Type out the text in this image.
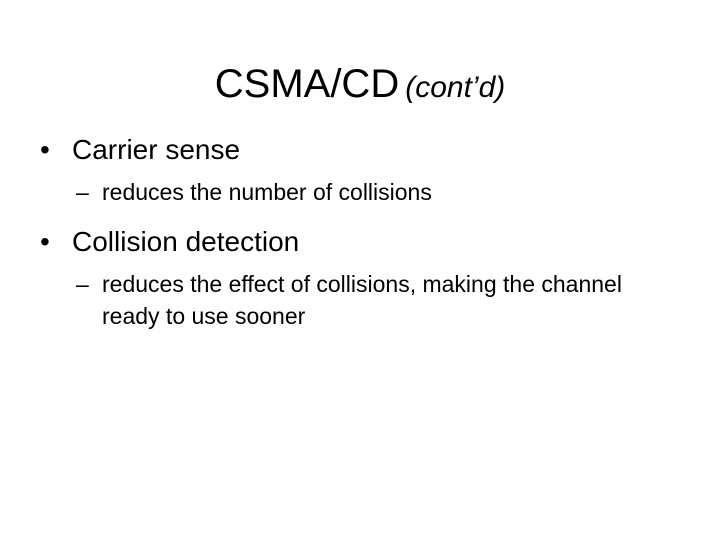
CSMA/CD (cont’d)
• Carrier sense
– reduces the number of collisions
• Collision detection
– reduces the effect of collisions, making the channel ready to use sooner
